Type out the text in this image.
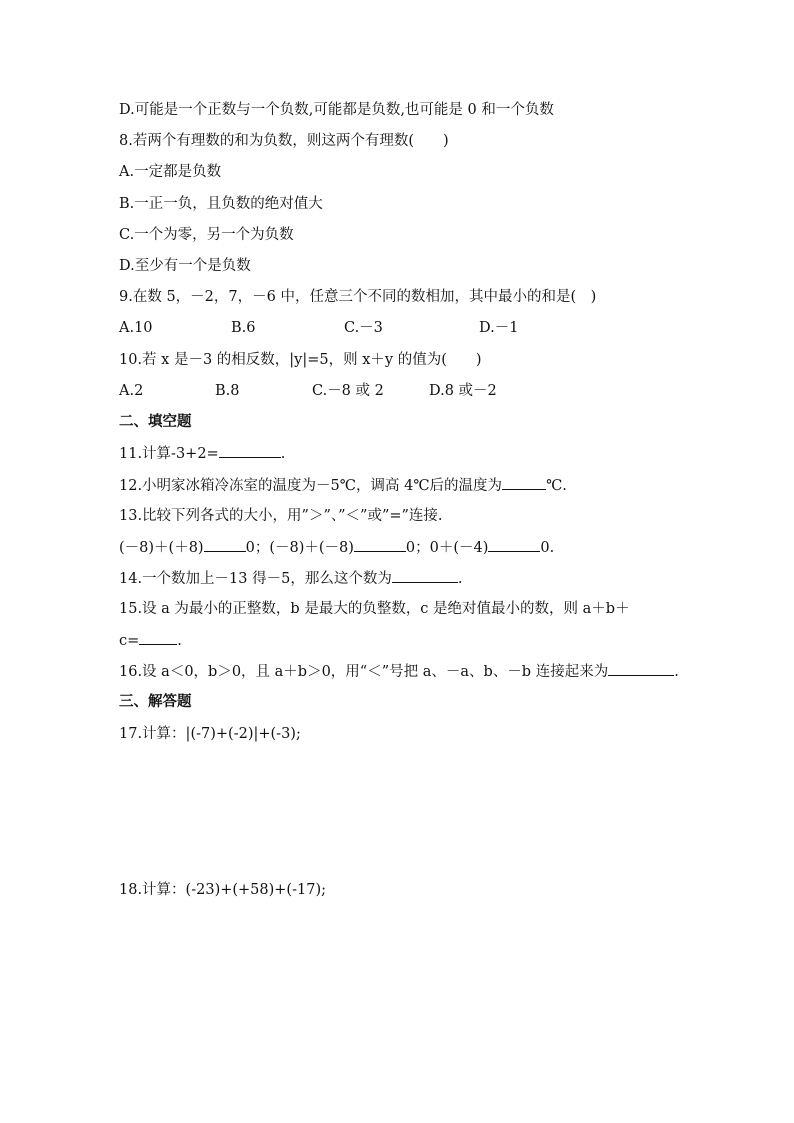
D.可能是一个正数与一个负数,可能都是负数,也可能是 0 和一个负数
8.若两个有理数的和为负数，则这两个有理数(　　)
A.一定都是负数
B.一正一负，且负数的绝对值大
C.一个为零，另一个为负数
D.至少有一个是负数
9.在数 5，－2，7，－6 中，任意三个不同的数相加，其中最小的和是(　)
A.10	B.6	C.－3	D.－1
10.若 x 是－3 的相反数，|y|=5，则 x＋y 的值为(　　)
A.2	B.8	C.－8 或 2	D.8 或－2
二、填空题
11.计算-3+2=	.
12.小明家冰箱冷冻室的温度为－5℃，调高 4℃后的温度为	℃.
13.比较下列各式的大小，用”＞”、”＜”或”=”连接.
(－8)＋(＋8)	0；(－8)＋(－8)	0；0＋(－4)	0.
14.一个数加上－13 得－5，那么这个数为	.
15.设 a 为最小的正整数，b 是最大的负整数，c 是绝对值最小的数，则 a＋b＋
c=	.
16.设 a＜0，b＞0，且 a＋b＞0，用“＜”号把 a、－a、b、－b 连接起来为	.
三、解答题
17.计算：|(-7)+(-2)|+(-3);
18.计算：(-23)+(+58)+(-17);
